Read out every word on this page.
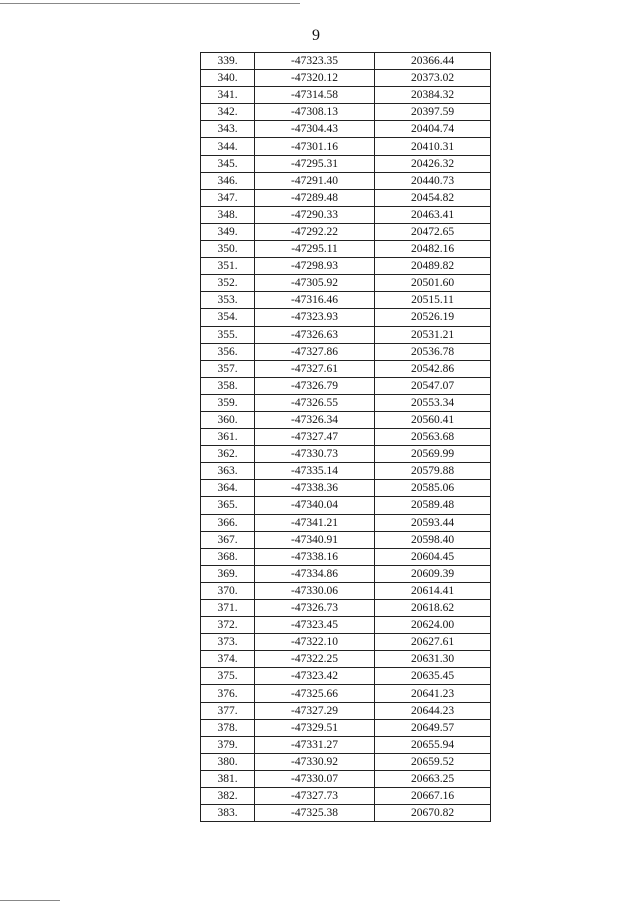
9
339.	-47323.35	20366.44
340.	-47320.12	20373.02
341.	-47314.58	20384.32
342.	-47308.13	20397.59
343.	-47304.43	20404.74
344.	-47301.16	20410.31
345.	-47295.31	20426.32
346.	-47291.40	20440.73
347.	-47289.48	20454.82
348.	-47290.33	20463.41
349.	-47292.22	20472.65
350.	-47295.11	20482.16
351.	-47298.93	20489.82
352.	-47305.92	20501.60
353.	-47316.46	20515.11
354.	-47323.93	20526.19
355.	-47326.63	20531.21
356.	-47327.86	20536.78
357.	-47327.61	20542.86
358.	-47326.79	20547.07
359.	-47326.55	20553.34
360.	-47326.34	20560.41
361.	-47327.47	20563.68
362.	-47330.73	20569.99
363.	-47335.14	20579.88
364.	-47338.36	20585.06
365.	-47340.04	20589.48
366.	-47341.21	20593.44
367.	-47340.91	20598.40
368.	-47338.16	20604.45
369.	-47334.86	20609.39
370.	-47330.06	20614.41
371.	-47326.73	20618.62
372.	-47323.45	20624.00
373.	-47322.10	20627.61
374.	-47322.25	20631.30
375.	-47323.42	20635.45
376.	-47325.66	20641.23
377.	-47327.29	20644.23
378.	-47329.51	20649.57
379.	-47331.27	20655.94
380.	-47330.92	20659.52
381.	-47330.07	20663.25
382.	-47327.73	20667.16
383.	-47325.38	20670.82
